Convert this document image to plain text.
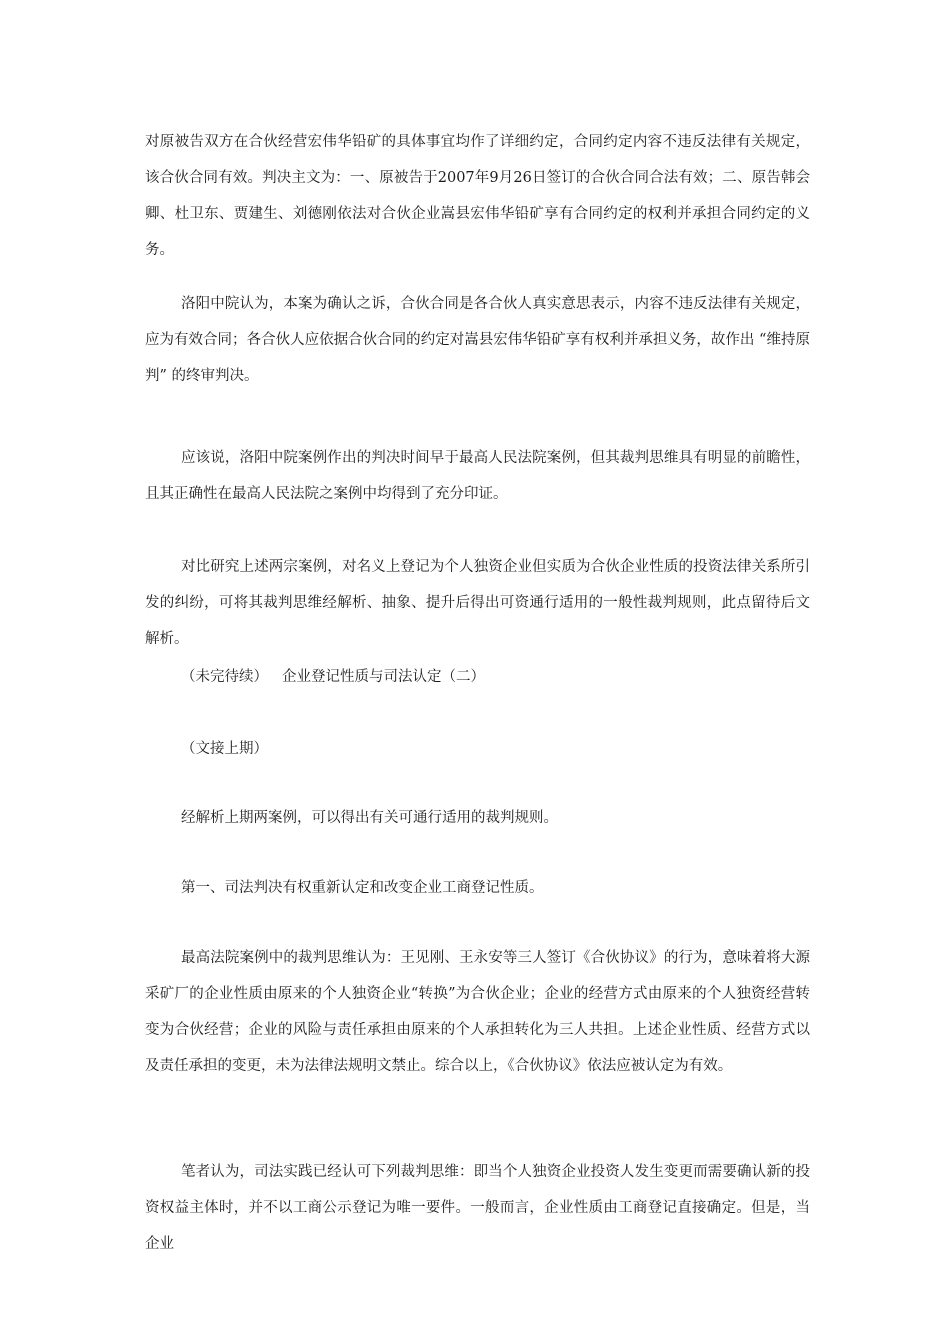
对原被告双方在合伙经营宏伟华铅矿的具体事宜均作了详细约定，合同约定内容不违反法律有关规定，该合伙合同有效。判决主文为：一、原被告于2007年9月26日签订的合伙合同合法有效；二、原告韩会卿、杜卫东、贾建生、刘德刚依法对合伙企业嵩县宏伟华铅矿享有合同约定的权利并承担合同约定的义务。

洛阳中院认为，本案为确认之诉，合伙合同是各合伙人真实意思表示，内容不违反法律有关规定，应为有效合同；各合伙人应依据合伙合同的约定对嵩县宏伟华铅矿享有权利并承担义务，故作出 “维持原判” 的终审判决。

应该说，洛阳中院案例作出的判决时间早于最高人民法院案例，但其裁判思维具有明显的前瞻性，且其正确性在最高人民法院之案例中均得到了充分印证。

对比研究上述两宗案例，对名义上登记为个人独资企业但实质为合伙企业性质的投资法律关系所引发的纠纷，可将其裁判思维经解析、抽象、提升后得出可资通行适用的一般性裁判规则，此点留待后文解析。

（未完待续） 企业登记性质与司法认定（二）

（文接上期）

经解析上期两案例，可以得出有关可通行适用的裁判规则。

第一、司法判决有权重新认定和改变企业工商登记性质。

最高法院案例中的裁判思维认为：王见刚、王永安等三人签订《合伙协议》的行为，意味着将大源采矿厂的企业性质由原来的个人独资企业“转换”为合伙企业；企业的经营方式由原来的个人独资经营转变为合伙经营；企业的风险与责任承担由原来的个人承担转化为三人共担。上述企业性质、经营方式以及责任承担的变更，未为法律法规明文禁止。综合以上，《合伙协议》依法应被认定为有效。

笔者认为，司法实践已经认可下列裁判思维：即当个人独资企业投资人发生变更而需要确认新的投资权益主体时，并不以工商公示登记为唯一要件。一般而言，企业性质由工商登记直接确定。但是，当企业
